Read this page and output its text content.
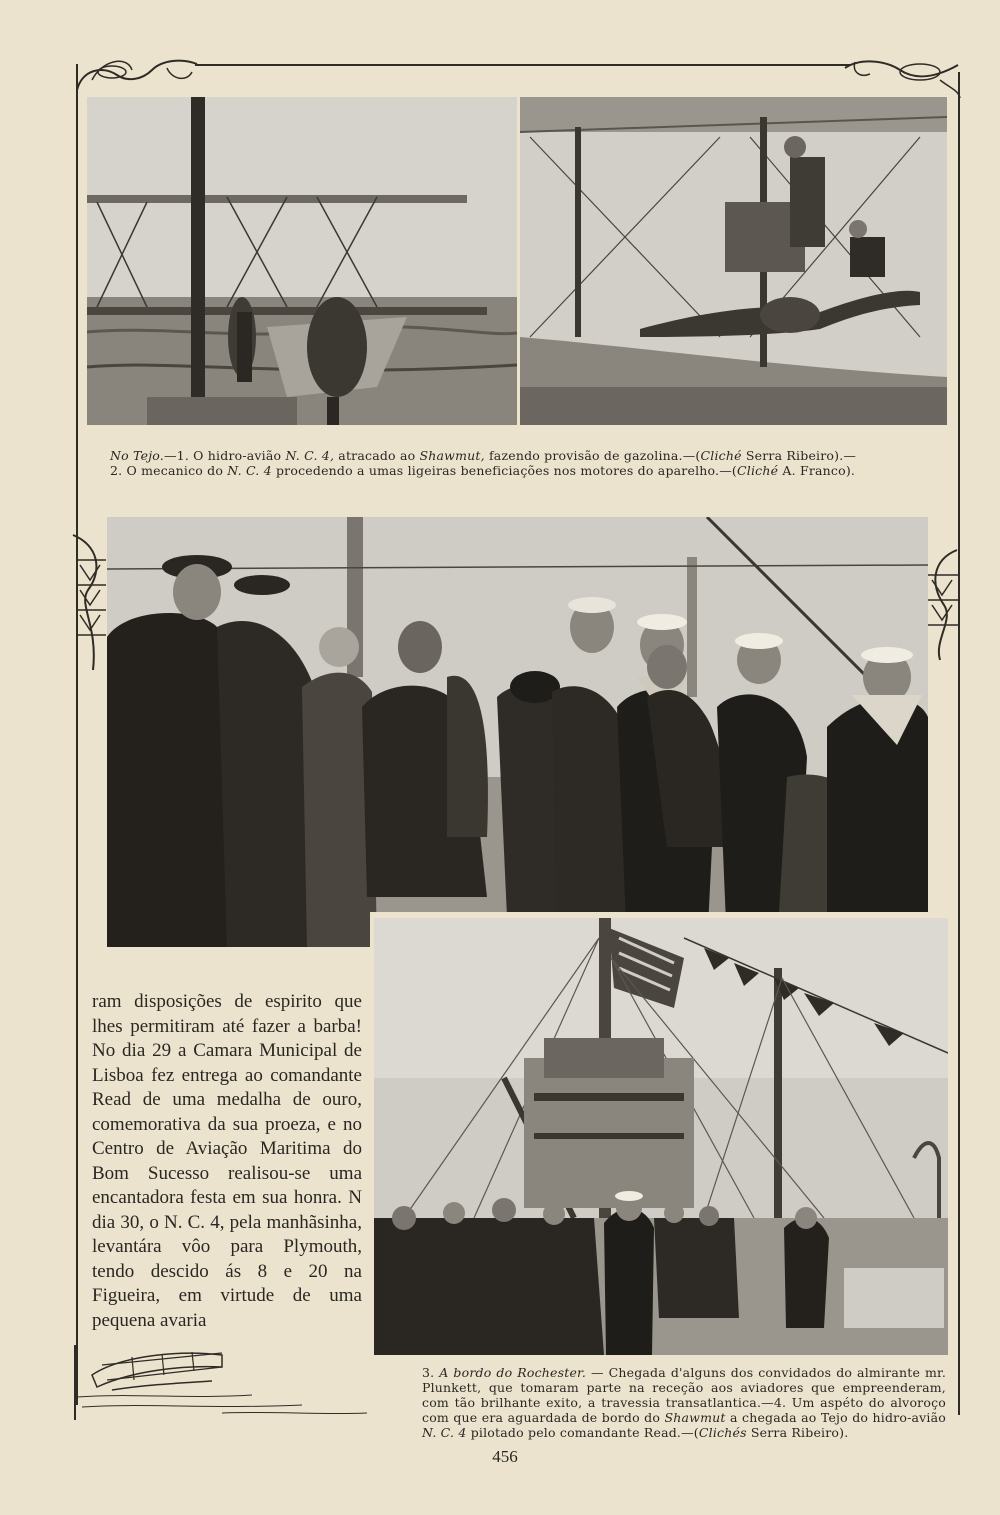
No Tejo.—1. O hidro-avião N. C. 4, atracado ao Shawmut, fazendo provisão de gazolina.—(Cliché Serra Ribeiro).—
2. O mecanico do N. C. 4 procedendo a umas ligeiras beneficiações nos motores do aparelho.—(Cliché A. Franco).

ram disposições de espirito que lhes permitiram até fazer a barba! No dia 29 a Camara Municipal de Lisboa fez entrega ao comandante Read de uma medalha de ouro, comemorativa da sua proeza, e no Centro de Aviação Maritima do Bom Sucesso realisou-se uma encantadora festa em sua honra. N dia 30, o N. C. 4, pela manhãsinha, levantára vôo para Plymouth, tendo descido ás 8 e 20 na Figueira, em virtude de uma pequena avaria

3. A bordo do Rochester. — Chegada d'alguns dos convidados do almirante mr. Plunkett, que tomaram parte na receção aos aviadores que empreenderam, com tão brilhante exito, a travessia transatlantica.—4. Um aspéto do alvoroço com que era aguardada de bordo do Shawmut a chegada ao Tejo do hidro-avião N. C. 4 pilotado pelo comandante Read.—(Clichés Serra Ribeiro).
456
